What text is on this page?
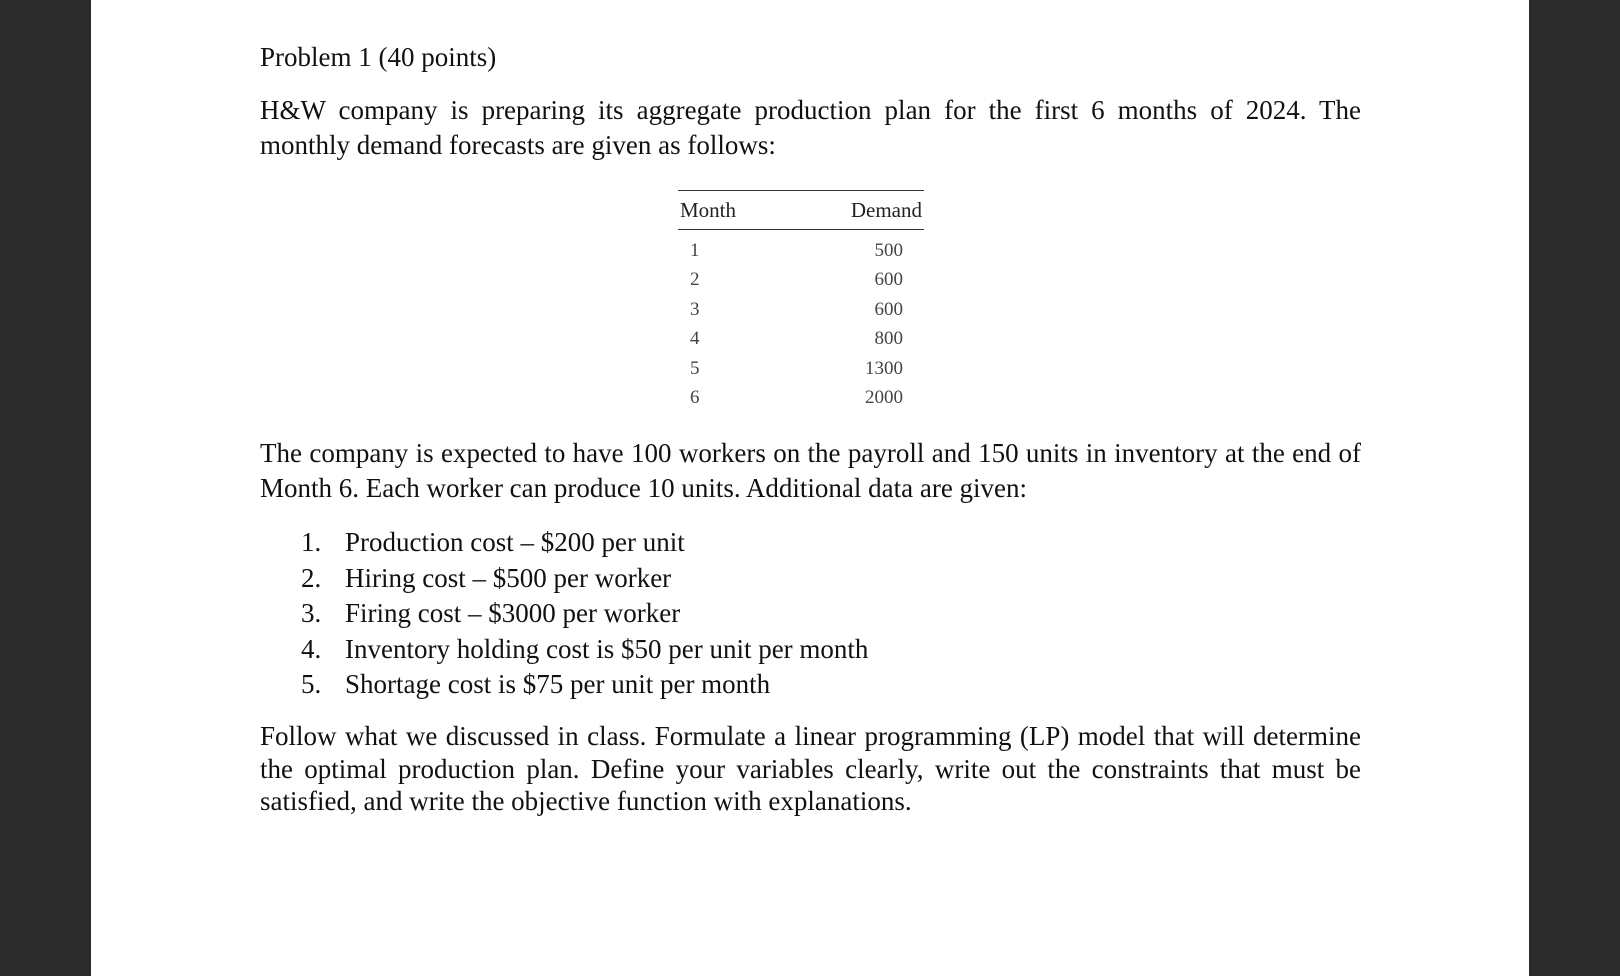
Problem 1 (40 points)
H&W company is preparing its aggregate production plan for the first 6 months of 2024. The monthly demand forecasts are given as follows:
Month	Demand
1	500
2	600
3	600
4	800
5	1300
6	2000
The company is expected to have 100 workers on the payroll and 150 units in inventory at the end of Month 6. Each worker can produce 10 units. Additional data are given:
1. Production cost – $200 per unit
2. Hiring cost – $500 per worker
3. Firing cost – $3000 per worker
4. Inventory holding cost is $50 per unit per month
5. Shortage cost is $75 per unit per month
Follow what we discussed in class. Formulate a linear programming (LP) model that will determine the optimal production plan. Define your variables clearly, write out the constraints that must be satisfied, and write the objective function with explanations.
